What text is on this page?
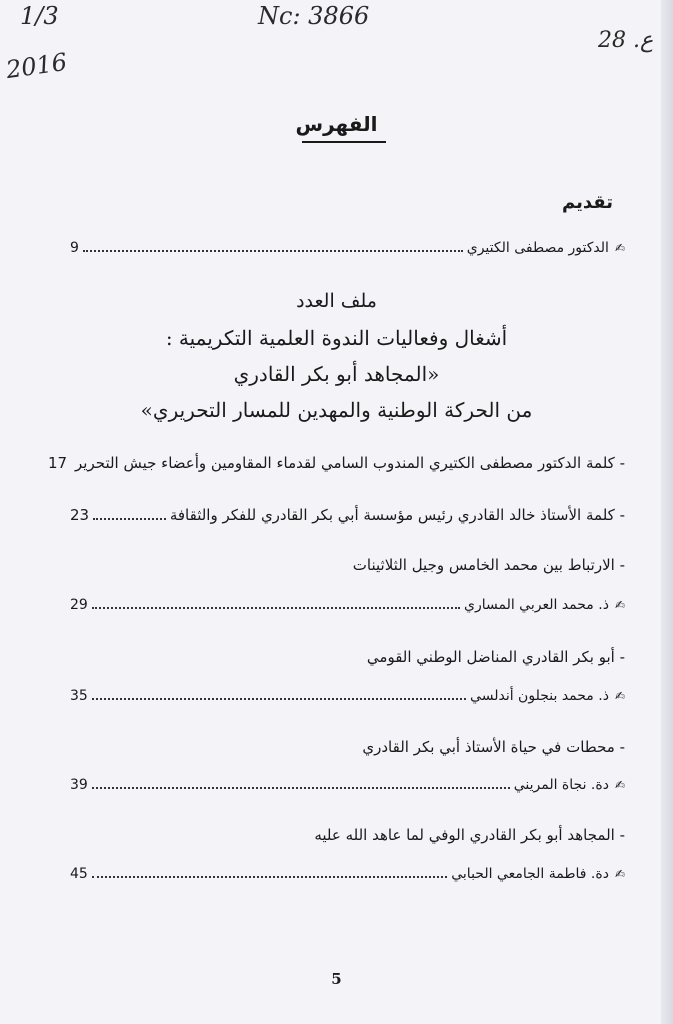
1/3
2016
Nc: 3866
28 .ع
الفهرس
تقديم
✍
الدكتور مصطفى الكتيري
9
ملف العدد
أشغال وفعاليات الندوة العلمية التكريمية :
«المجاهد أبو بكر القادري
من الحركة الوطنية والمهدين للمسار التحريري»
- كلمة الدكتور مصطفى الكتيري المندوب السامي لقدماء المقاومين وأعضاء جيش التحرير
17
- كلمة الأستاذ خالد القادري رئيس مؤسسة أبي بكر القادري للفكر والثقافة
23
- الارتباط بين محمد الخامس وجيل الثلاثينات
✍
ذ. محمد العربي المساري
29
- أبو بكر القادري المناضل الوطني القومي
✍
ذ. محمد بنجلون أندلسي
35
- محطات في حياة الأستاذ أبي بكر القادري
✍
دة. نجاة المريني
39
- المجاهد أبو بكر القادري الوفي لما عاهد الله عليه
✍
دة. فاطمة الجامعي الحبابي
45
5
